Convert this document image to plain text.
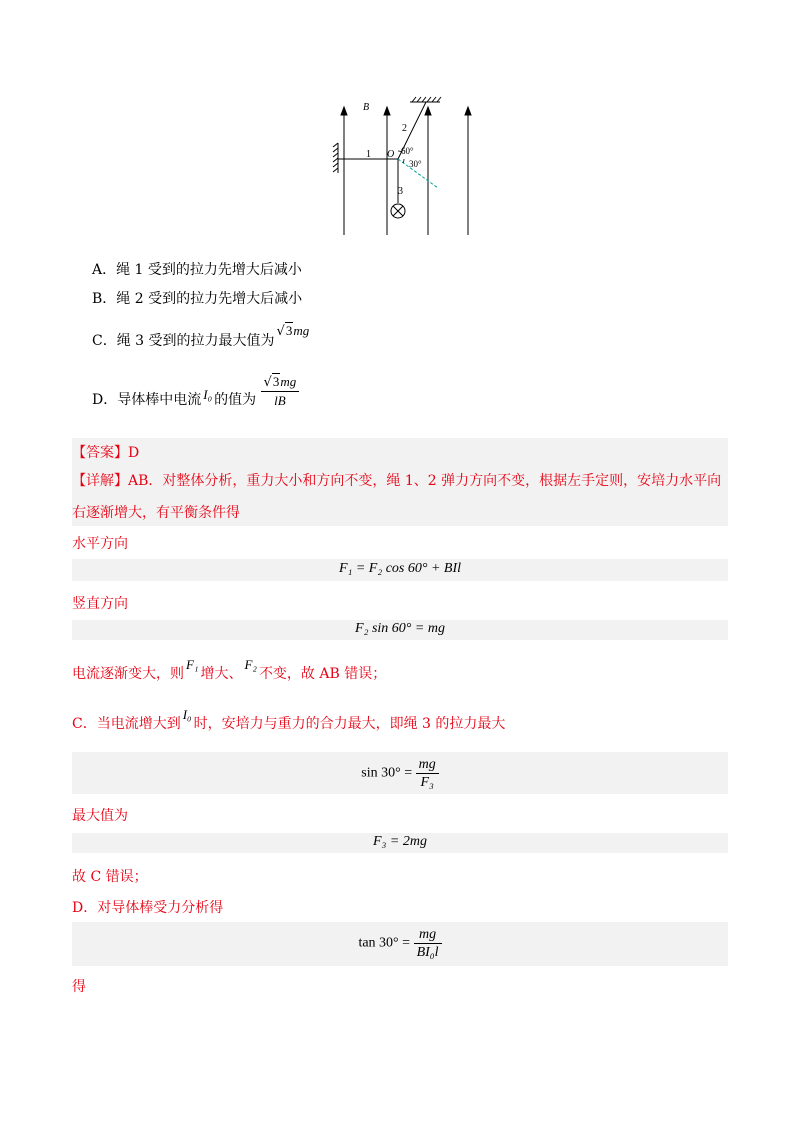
B
O
1
2
3
60°
30°
A．绳 1 受到的拉力先增大后减小
B．绳 2 受到的拉力先增大后减小
C．绳 3 受到的拉力最大值为√3mg
D．导体棒中电流 I₀ 的值为 $\frac{√3mg}{lB}$
【答案】D
【详解】AB．对整体分析，重力大小和方向不变，绳 1、2 弹力方向不变，根据左手定则，安培力水平向
右逐渐增大，有平衡条件得
水平方向
F₁ = F₂ cos 60° + BIl
竖直方向
F₂ sin 60° = mg
电流逐渐变大，则F₁增大、F₂不变，故 AB 错误；
C．当电流增大到I₀时，安培力与重力的合力最大，即绳 3 的拉力最大
$\sin 30^\circ = \frac{mg}{\text{F₃}}$
最大值为
F₃ = 2mg
故 C 错误；
D．对导体棒受力分析得
$\tan 30^\circ = \frac{mg}{\text{BI₀l}}$
得
